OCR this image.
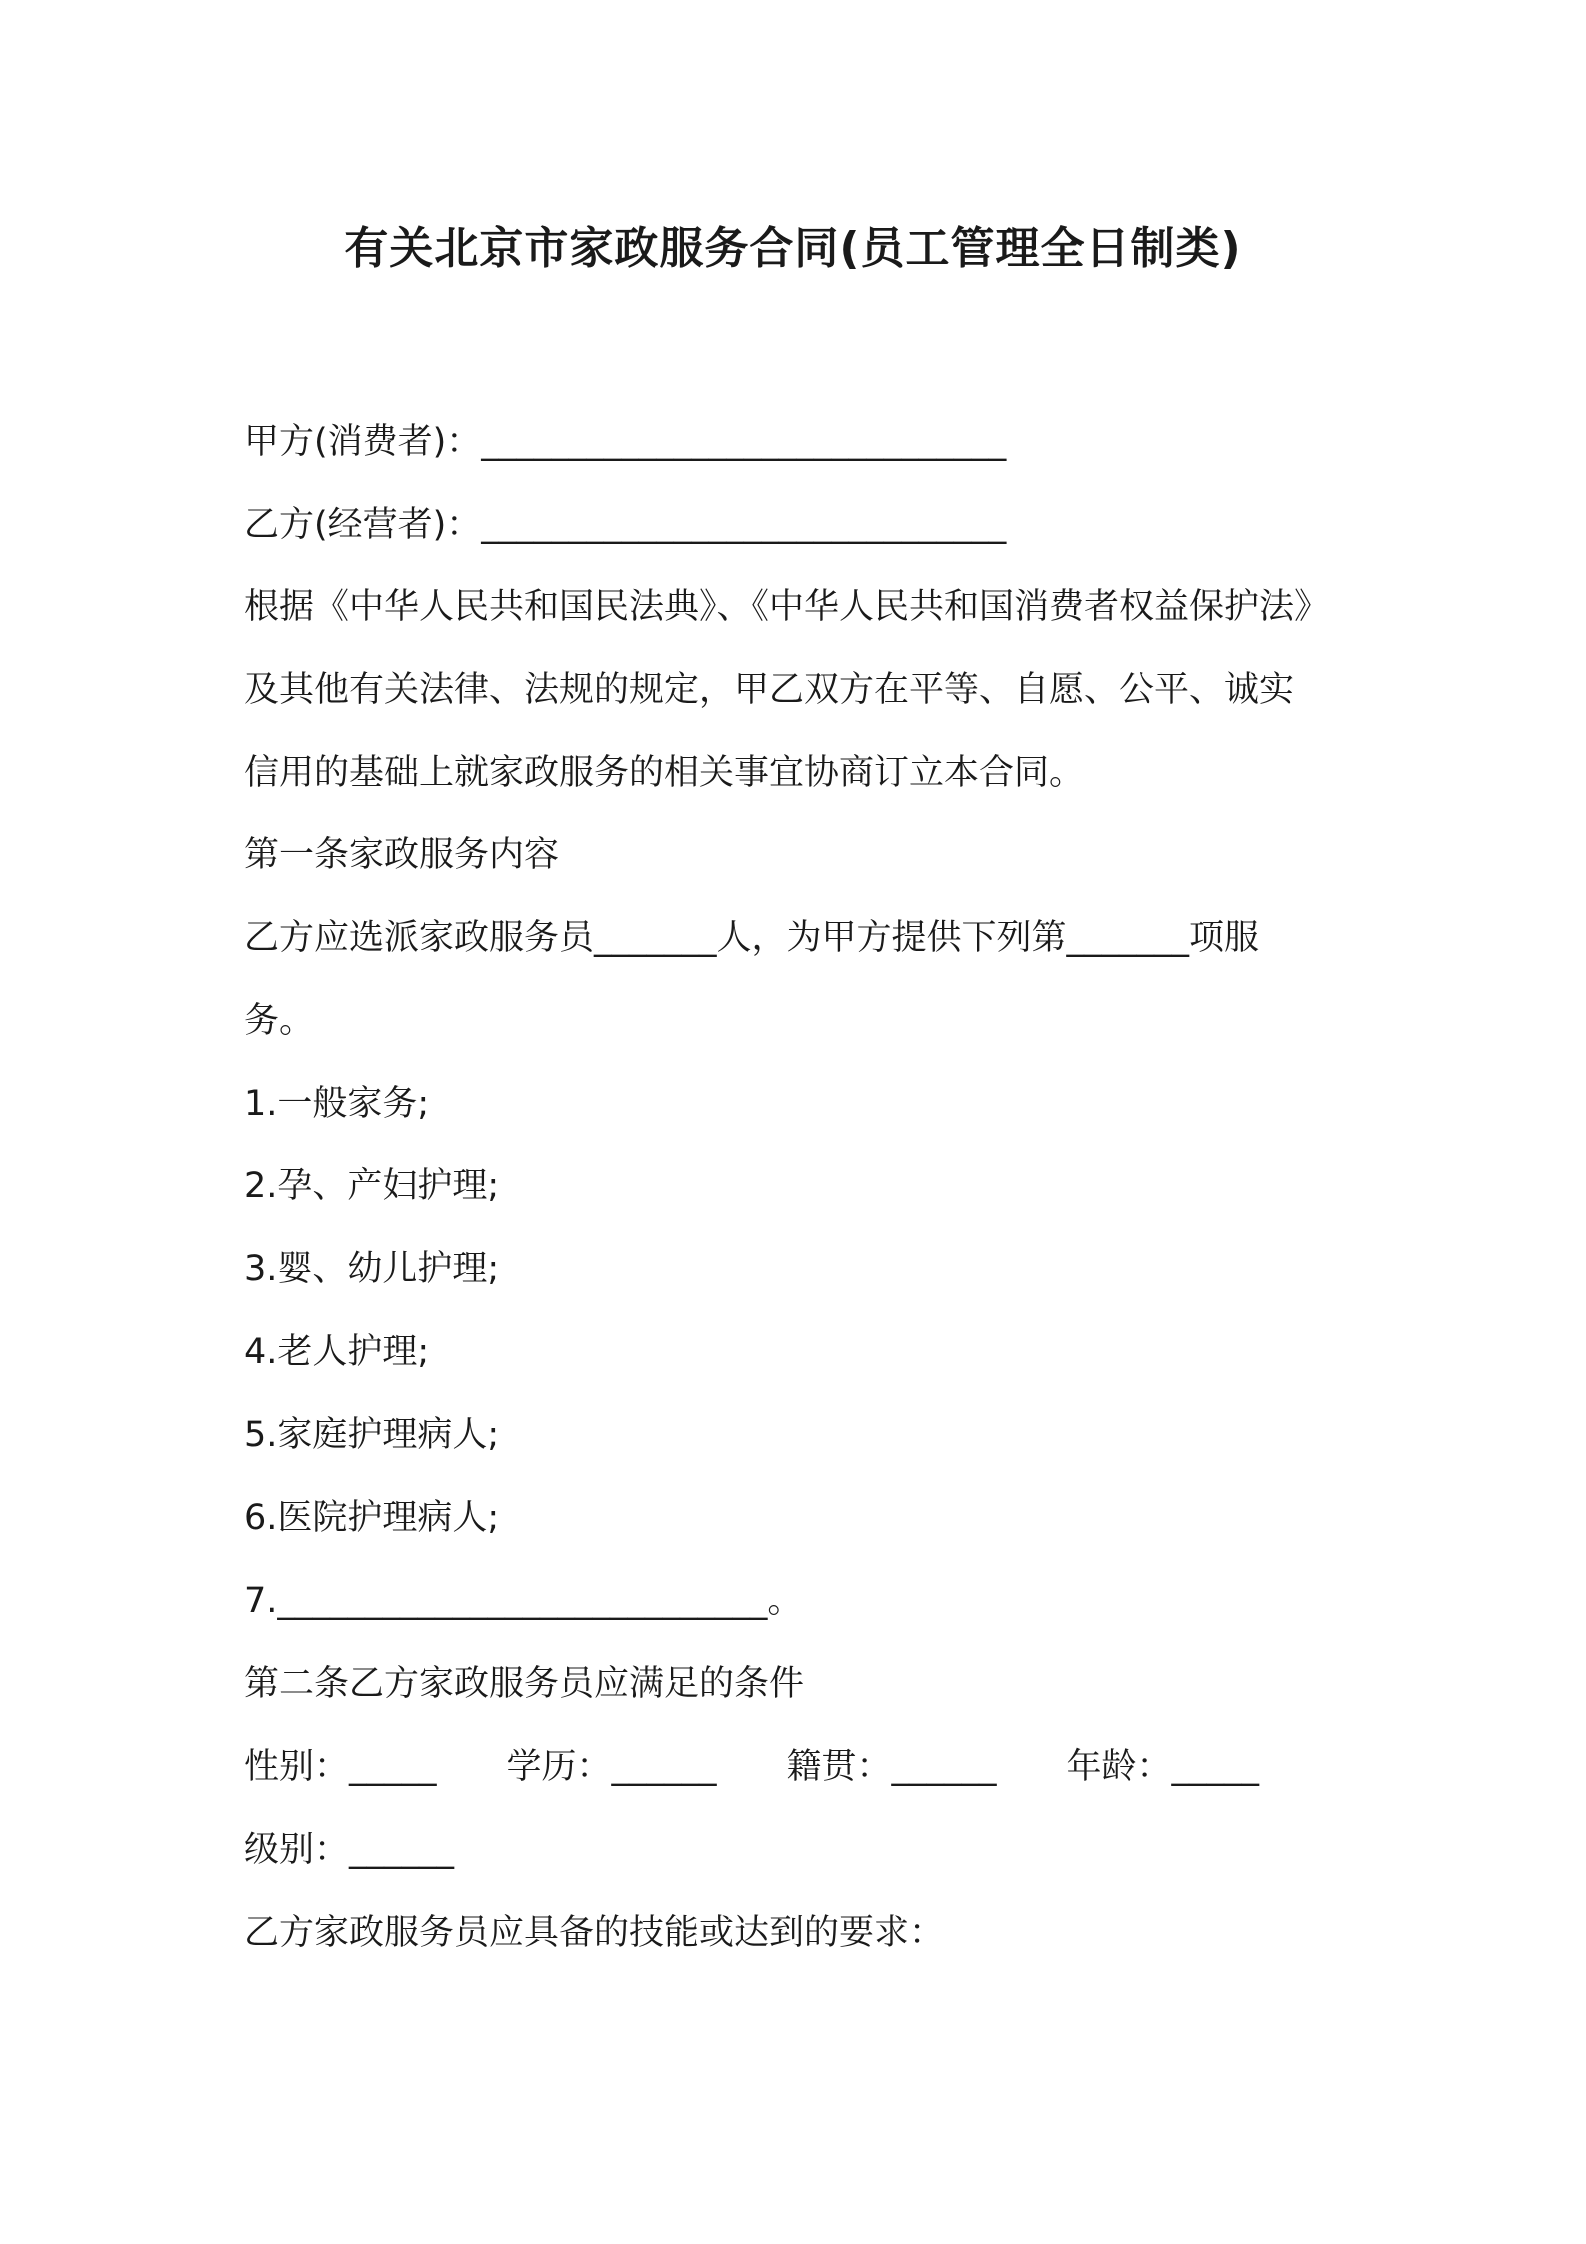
有关北京市家政服务合同(员工管理全日制类)
甲方(消费者)：______________________________
乙方(经营者)：______________________________
根据《中华人民共和国民法典》、《中华人民共和国消费者权益保护法》
及其他有关法律、法规的规定，甲乙双方在平等、自愿、公平、诚实
信用的基础上就家政服务的相关事宜协商订立本合同。
第一条家政服务内容
乙方应选派家政服务员_______人，为甲方提供下列第_______项服
务。
1.一般家务;
2.孕、产妇护理;
3.婴、幼儿护理;
4.老人护理;
5.家庭护理病人;
6.医院护理病人;
7.____________________________。
第二条乙方家政服务员应满足的条件
性别：_____　　学历：______　　籍贯：______　　年龄：_____
级别：______
乙方家政服务员应具备的技能或达到的要求：
